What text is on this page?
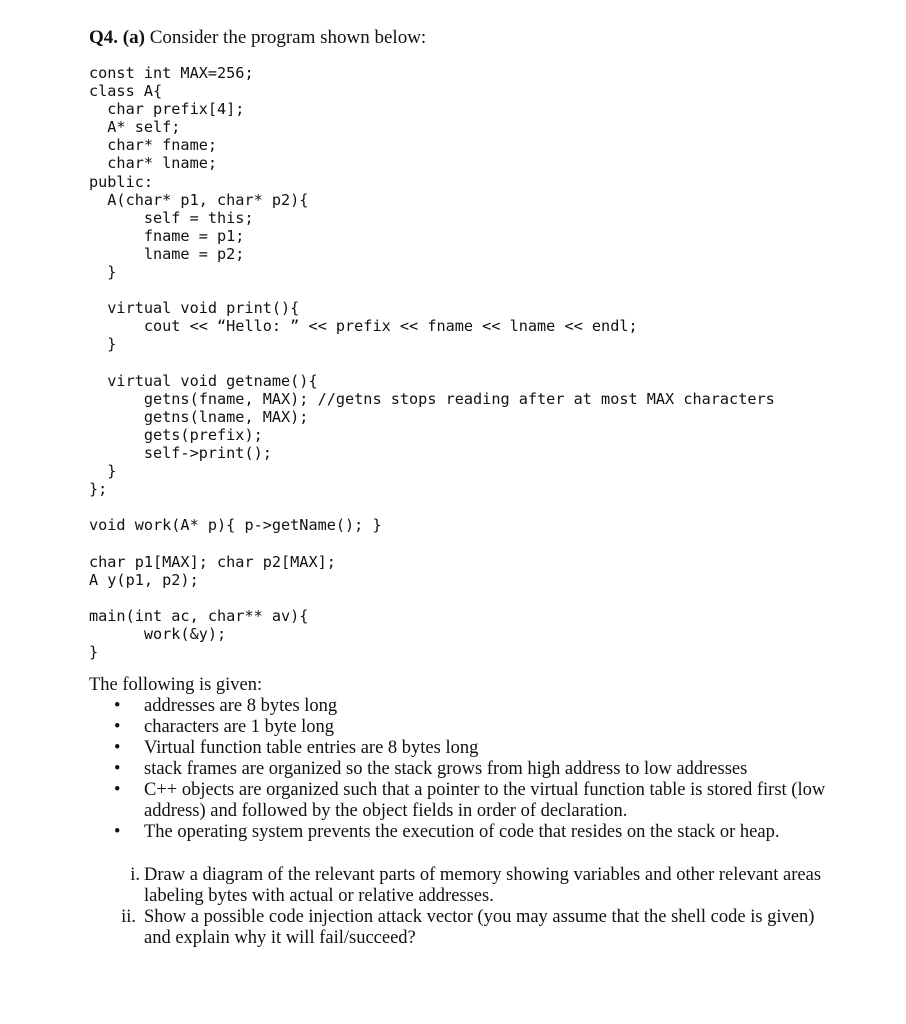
Q4. (a) Consider the program shown below:
const int MAX=256;
class A{
char prefix[4];
A* self;
char* fname;
char* lname;
public:
A(char* p1, char* p2){
self = this;
fname = p1;
lname = p2;
}
virtual void print(){
cout << “Hello: ” << prefix << fname << lname << endl;
}
virtual void getname(){
getns(fname, MAX); //getns stops reading after at most MAX characters
getns(lname, MAX);
gets(prefix);
self->print();
}
};
void work(A* p){ p->getName(); }
char p1[MAX]; char p2[MAX];
A y(p1, p2);
main(int ac, char** av){
work(&y);
}
The following is given:
• addresses are 8 bytes long
• characters are 1 byte long
• Virtual function table entries are 8 bytes long
• stack frames are organized so the stack grows from high address to low addresses
• C++ objects are organized such that a pointer to the virtual function table is stored first (low address) and followed by the object fields in order of declaration.
• The operating system prevents the execution of code that resides on the stack or heap.
i. Draw a diagram of the relevant parts of memory showing variables and other relevant areas labeling bytes with actual or relative addresses.
ii. Show a possible code injection attack vector (you may assume that the shell code is given) and explain why it will fail/succeed?
